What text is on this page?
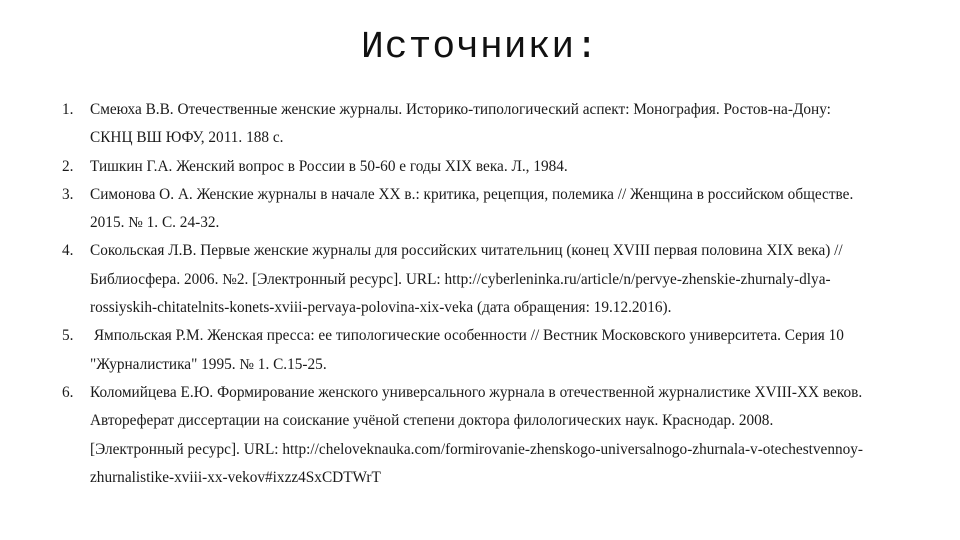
Источники:
1. Смеюха В.В. Отечественные женские журналы. Историко-типологический аспект: Монография. Ростов-на-Дону:
СКНЦ ВШ ЮФУ, 2011. 188 с.
2. Тишкин Г.А. Женский вопрос в России в 50-60 е годы XIX века. Л., 1984.
3. Симонова О. А. Женские журналы в начале XX в.: критика, рецепция, полемика // Женщина в российском обществе.
2015. № 1. С. 24-32.
4. Сокольская Л.В. Первые женские журналы для российских читательниц (конец XVIII первая половина XIX века) //
Библиосфера. 2006. №2. [Электронный ресурс]. URL: http://cyberleninka.ru/article/n/pervye-zhenskie-zhurnaly-dlya-
rossiyskih-chitatelnits-konets-xviii-pervaya-polovina-xix-veka (дата обращения: 19.12.2016).
5. Ямпольская Р.М. Женская пресса: ее типологические особенности // Вестник Московского университета. Серия 10
"Журналистика" 1995. № 1. С.15-25.
6. Коломийцева Е.Ю. Формирование женского универсального журнала в отечественной журналистике XVIII-XX веков.
Автореферат диссертации на соискание учёной степени доктора филологических наук. Краснодар. 2008.
[Электронный ресурс]. URL: http://cheloveknauka.com/formirovanie-zhenskogo-universalnogo-zhurnala-v-otechestvennoy-
zhurnalistike-xviii-xx-vekov#ixzz4SxCDTWrT
